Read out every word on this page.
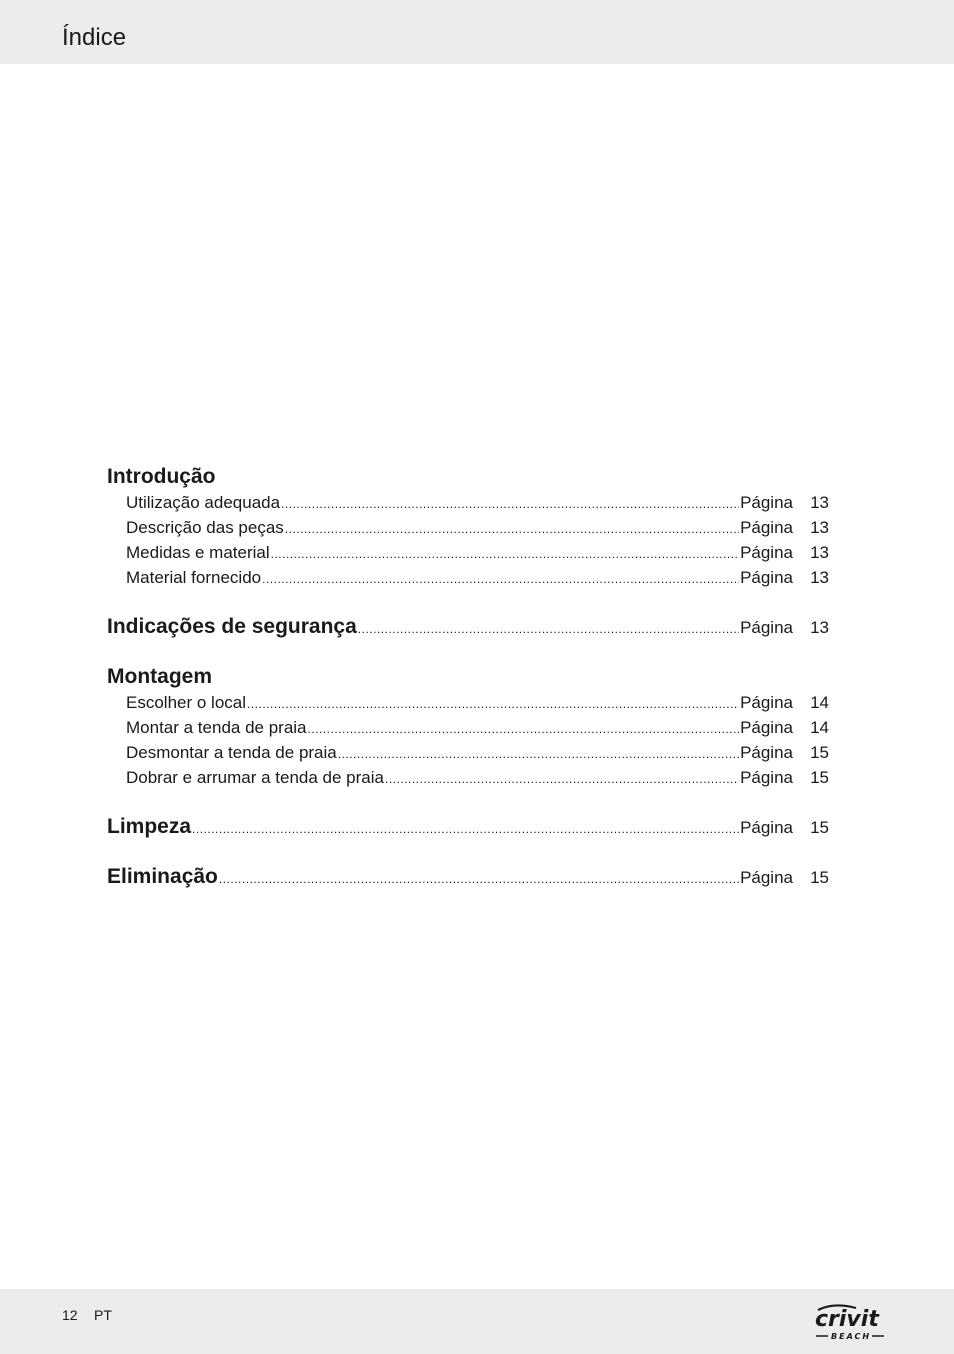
Índice
Introdução
Utilização adequada .....	Página	13
Descrição das peças .....	Página	13
Medidas e material .....	Página	13
Material fornecido .....	Página	13
Indicações de segurança .....	Página	13
Montagem
Escolher o local .....	Página	14
Montar a tenda de praia .....	Página	14
Desmontar a tenda de praia .....	Página	15
Dobrar e arrumar a tenda de praia .....	Página	15
Limpeza .....	Página	15
Eliminação .....	Página	15
12 PT	crivit
BEACH
